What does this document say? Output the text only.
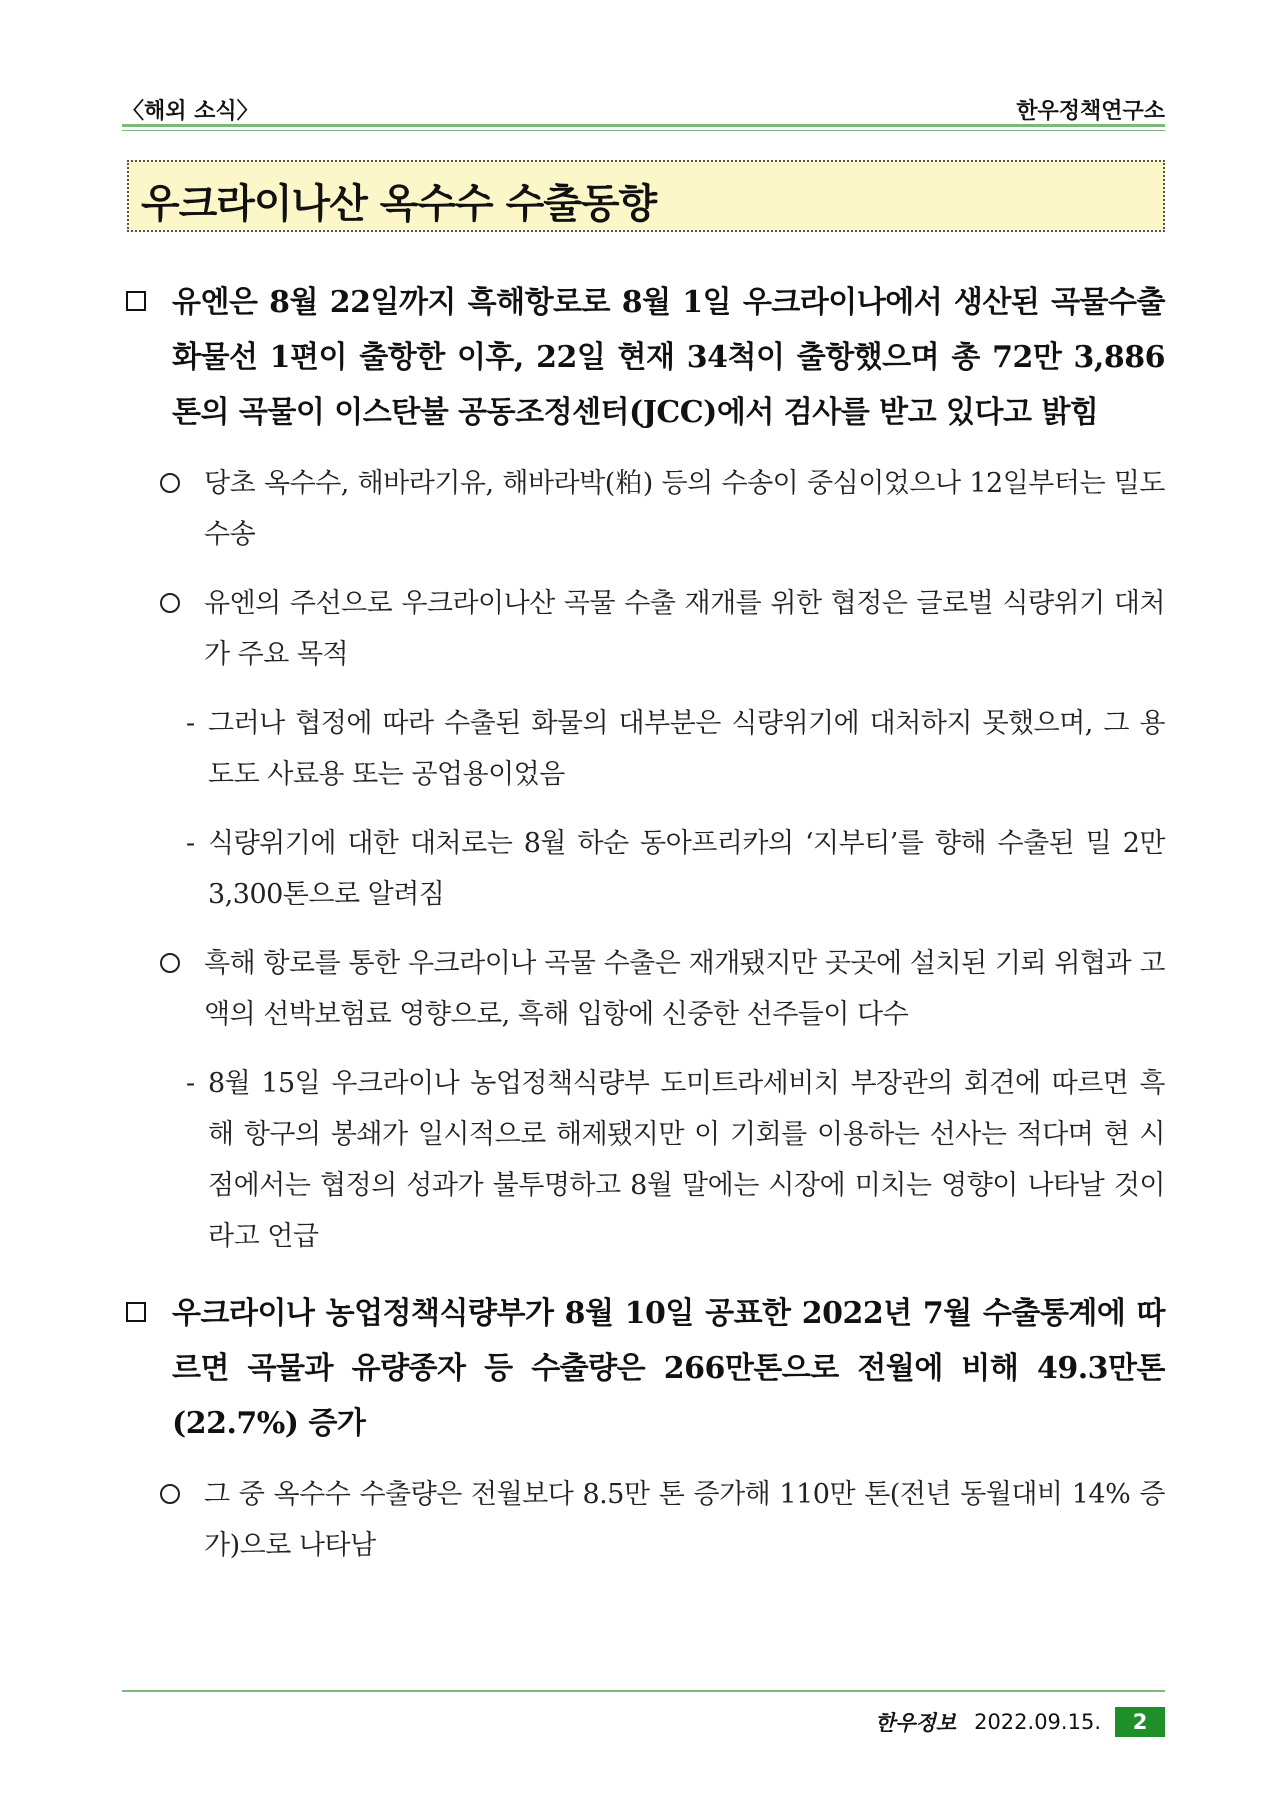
〈해외 소식〉	한우정책연구소
우크라이나산 옥수수 수출동향
유엔은 8월 22일까지 흑해항로로 8월 1일 우크라이나에서 생산된 곡물수출 화물선 1편이 출항한 이후, 22일 현재 34척이 출항했으며 총 72만 3,886톤의 곡물이 이스탄불 공동조정센터(JCC)에서 검사를 받고 있다고 밝힘
당초 옥수수, 해바라기유, 해바라박(粕) 등의 수송이 중심이었으나 12일부터는 밀도 수송
유엔의 주선으로 우크라이나산 곡물 수출 재개를 위한 협정은 글로벌 식량위기 대처가 주요 목적
- 그러나 협정에 따라 수출된 화물의 대부분은 식량위기에 대처하지 못했으며, 그 용도도 사료용 또는 공업용이었음
- 식량위기에 대한 대처로는 8월 하순 동아프리카의 ‘지부티’를 향해 수출된 밀 2만 3,300톤으로 알려짐
흑해 항로를 통한 우크라이나 곡물 수출은 재개됐지만 곳곳에 설치된 기뢰 위협과 고액의 선박보험료 영향으로, 흑해 입항에 신중한 선주들이 다수
- 8월 15일 우크라이나 농업정책식량부 도미트라세비치 부장관의 회견에 따르면 흑해 항구의 봉쇄가 일시적으로 해제됐지만 이 기회를 이용하는 선사는 적다며 현 시점에서는 협정의 성과가 불투명하고 8월 말에는 시장에 미치는 영향이 나타날 것이라고 언급
우크라이나 농업정책식량부가 8월 10일 공표한 2022년 7월 수출통계에 따르면 곡물과 유량종자 등 수출량은 266만톤으로 전월에 비해 49.3만톤(22.7%) 증가
그 중 옥수수 수출량은 전월보다 8.5만 톤 증가해 110만 톤(전년 동월대비 14% 증가)으로 나타남
한우정보 2022.09.15.	2
